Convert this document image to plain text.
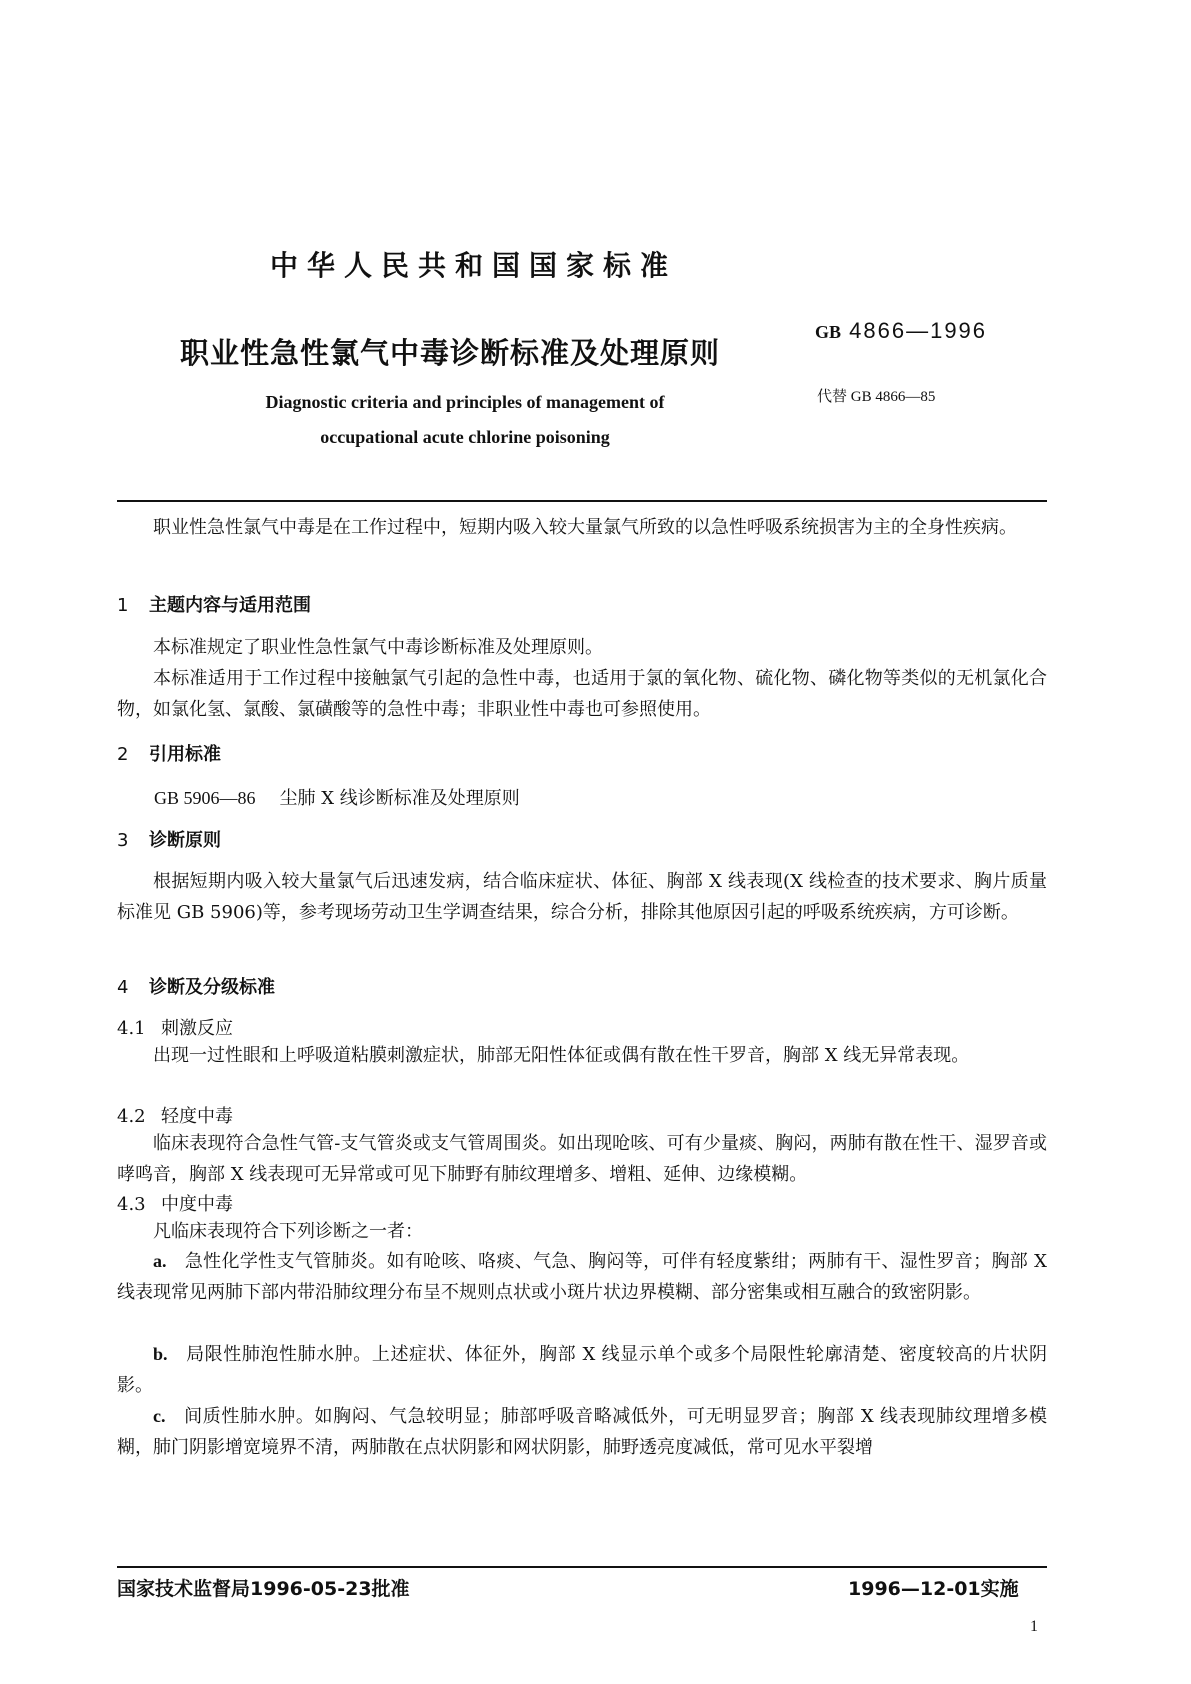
中华人民共和国国家标准
职业性急性氯气中毒诊断标准及处理原则
GB 4866—1996
代替 GB 4866—85
Diagnostic criteria and principles of management of
occupational acute chlorine poisoning
职业性急性氯气中毒是在工作过程中，短期内吸入较大量氯气所致的以急性呼吸系统损害为主的全身性疾病。
1 主题内容与适用范围
本标准规定了职业性急性氯气中毒诊断标准及处理原则。
本标准适用于工作过程中接触氯气引起的急性中毒，也适用于氯的氧化物、硫化物、磷化物等类似的无机氯化合物，如氯化氢、氯酸、氯磺酸等的急性中毒；非职业性中毒也可参照使用。
2 引用标准
GB 5906—86 尘肺 X 线诊断标准及处理原则
3 诊断原则
根据短期内吸入较大量氯气后迅速发病，结合临床症状、体征、胸部 X 线表现(X 线检查的技术要求、胸片质量标准见 GB 5906)等，参考现场劳动卫生学调查结果，综合分析，排除其他原因引起的呼吸系统疾病，方可诊断。
4 诊断及分级标准
4.1 刺激反应
出现一过性眼和上呼吸道粘膜刺激症状，肺部无阳性体征或偶有散在性干罗音，胸部 X 线无异常表现。
4.2 轻度中毒
临床表现符合急性气管-支气管炎或支气管周围炎。如出现呛咳、可有少量痰、胸闷，两肺有散在性干、湿罗音或哮鸣音，胸部 X 线表现可无异常或可见下肺野有肺纹理增多、增粗、延伸、边缘模糊。
4.3 中度中毒
凡临床表现符合下列诊断之一者：
a. 急性化学性支气管肺炎。如有呛咳、咯痰、气急、胸闷等，可伴有轻度紫绀；两肺有干、湿性罗音；胸部 X 线表现常见两肺下部内带沿肺纹理分布呈不规则点状或小斑片状边界模糊、部分密集或相互融合的致密阴影。
b. 局限性肺泡性肺水肿。上述症状、体征外，胸部 X 线显示单个或多个局限性轮廓清楚、密度较高的片状阴影。
c. 间质性肺水肿。如胸闷、气急较明显；肺部呼吸音略减低外，可无明显罗音；胸部 X 线表现肺纹理增多模糊，肺门阴影增宽境界不清，两肺散在点状阴影和网状阴影，肺野透亮度减低，常可见水平裂增
国家技术监督局1996-05-23批准	1996—12-01实施
1
